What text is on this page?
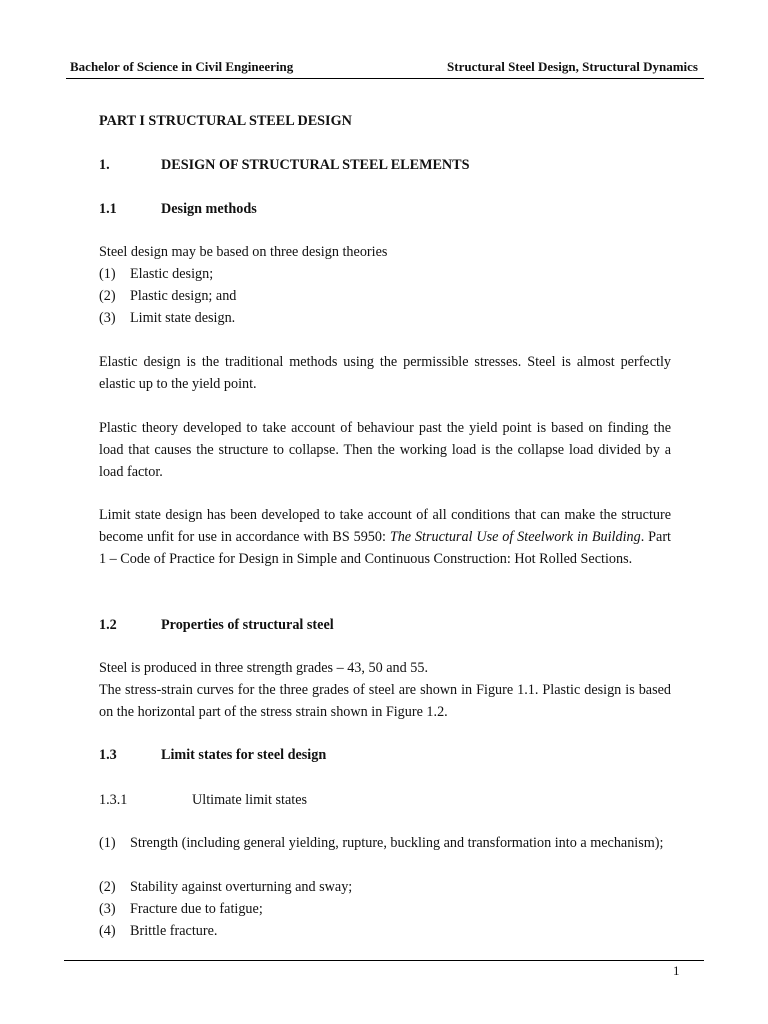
Bachelor of Science in Civil Engineering	Structural Steel Design, Structural Dynamics
PART I STRUCTURAL STEEL DESIGN
1.	DESIGN OF STRUCTURAL STEEL ELEMENTS
1.1	Design methods
Steel design may be based on three design theories
(1) Elastic design;
(2) Plastic design; and
(3) Limit state design.
Elastic design is the traditional methods using the permissible stresses. Steel is almost perfectly elastic up to the yield point.
Plastic theory developed to take account of behaviour past the yield point is based on finding the load that causes the structure to collapse. Then the working load is the collapse load divided by a load factor.
Limit state design has been developed to take account of all conditions that can make the structure become unfit for use in accordance with BS 5950: The Structural Use of Steelwork in Building. Part 1 – Code of Practice for Design in Simple and Continuous Construction: Hot Rolled Sections.
1.2	Properties of structural steel
Steel is produced in three strength grades – 43, 50 and 55.
The stress-strain curves for the three grades of steel are shown in Figure 1.1. Plastic design is based on the horizontal part of the stress strain shown in Figure 1.2.
1.3	Limit states for steel design
1.3.1	Ultimate limit states
(1) Strength (including general yielding, rupture, buckling and transformation into a mechanism);
(2) Stability against overturning and sway;
(3) Fracture due to fatigue;
(4) Brittle fracture.
1
